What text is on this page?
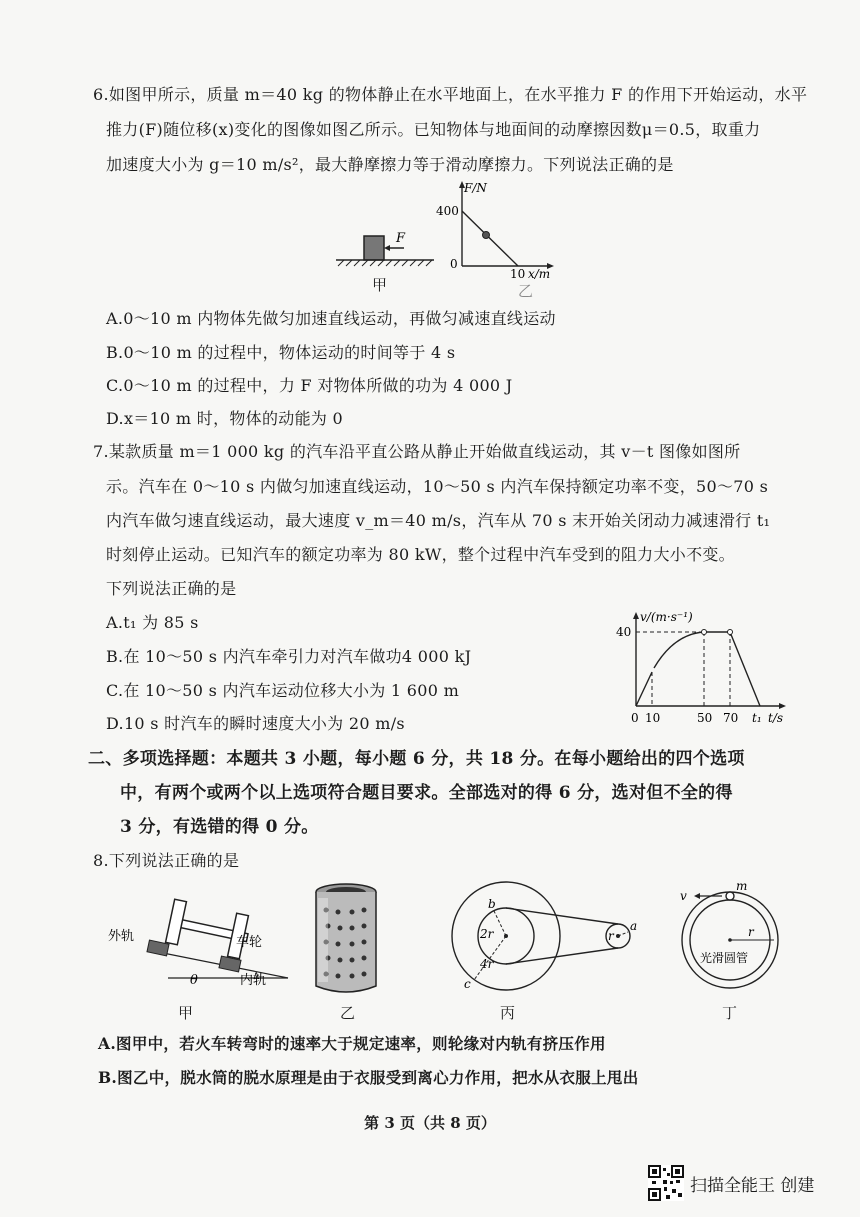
6.如图甲所示，质量 m＝40 kg 的物体静止在水平地面上，在水平推力 F 的作用下开始运动，水平
推力(F)随位移(x)变化的图像如图乙所示。已知物体与地面间的动摩擦因数μ＝0.5，取重力
加速度大小为 g＝10 m/s²，最大静摩擦力等于滑动摩擦力。下列说法正确的是
F
甲
F/N
400
0
10 x/m
乙
A.0～10 m 内物体先做匀加速直线运动，再做匀减速直线运动
B.0～10 m 的过程中，物体运动的时间等于 4 s
C.0～10 m 的过程中，力 F 对物体所做的功为 4 000 J
D.x＝10 m 时，物体的动能为 0
7.某款质量 m＝1 000 kg 的汽车沿平直公路从静止开始做直线运动，其 v－t 图像如图所
示。汽车在 0～10 s 内做匀加速直线运动，10～50 s 内汽车保持额定功率不变，50～70 s
内汽车做匀速直线运动，最大速度 v_m＝40 m/s，汽车从 70 s 末开始关闭动力减速滑行 t₁
时刻停止运动。已知汽车的额定功率为 80 kW，整个过程中汽车受到的阻力大小不变。
下列说法正确的是
A.t₁ 为 85 s
B.在 10～50 s 内汽车牵引力对汽车做功4 000 kJ
C.在 10～50 s 内汽车运动位移大小为 1 600 m
D.10 s 时汽车的瞬时速度大小为 20 m/s
v/(m·s⁻¹)
40
0 10	50 70 t₁ t/s
二、多项选择题：本题共 3 小题，每小题 6 分，共 18 分。在每小题给出的四个选项
中，有两个或两个以上选项符合题目要求。全部选对的得 6 分，选对但不全的得
3 分，有选错的得 0 分。
8.下列说法正确的是
外轨	车轮
内轨
θ
甲	乙
b
2r
4r
c
r
a
丙
v
m
r
光滑圆管
丁
A.图甲中，若火车转弯时的速率大于规定速率，则轮缘对内轨有挤压作用
B.图乙中，脱水筒的脱水原理是由于衣服受到离心力作用，把水从衣服上甩出
第 3 页（共 8 页）
扫描全能王 创建
